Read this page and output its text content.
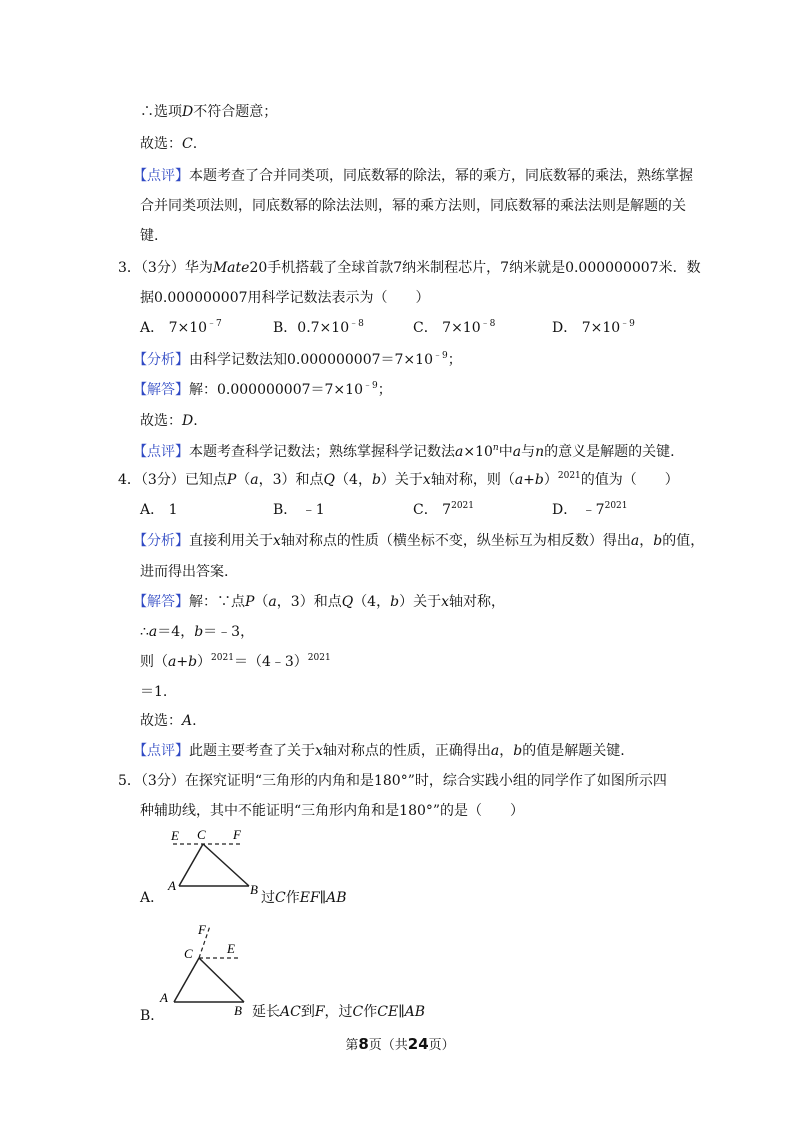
∴选项D不符合题意；
故选：C.
【点评】本题考查了合并同类项，同底数幂的除法，幂的乘方，同底数幂的乘法，熟练掌握
合并同类项法则，同底数幂的除法法则，幂的乘方法则，同底数幂的乘法法则是解题的关
键.
3．（3分）华为Mate20手机搭载了全球首款7纳米制程芯片，7纳米就是0.000000007米．数
据0.000000007用科学记数法表示为（　　）
A． $7\times 10^{﹣7}$	B．$0.7\times 10^{﹣8}$	C． $7\times 10^{﹣8}$	D． $7\times 10^{﹣9}$
【分析】由科学记数法知$0.000000007=7\times 10^{﹣9}$；
【解答】解：$0.000000007=7\times 10^{﹣9}$；
故选：D.
【点评】本题考查科学记数法；熟练掌握科学记数法$a\times 10^n$中a与n的意义是解题的关键.
4．（3分）已知点P（a，3）和点Q（4，b）关于x轴对称，则$(a+b)^{2021}$的值为（　　）
A． 1	B． ﹣1	C． $7^{2021}$	D． $﹣7^{2021}$
【分析】直接利用关于x轴对称点的性质（横坐标不变，纵坐标互为相反数）得出a，b的值，
进而得出答案.
【解答】解：∵点P（a，3）和点Q（4，b）关于x轴对称，
∴a＝4，b＝﹣3，
则$(a+b)^{2021}=(4﹣3)^{2021}$
＝1.
故选：A.
【点评】此题主要考查了关于x轴对称点的性质，正确得出a，b的值是解题关键.
5．（3分）在探究证明“三角形的内角和是180°”时，综合实践小组的同学作了如图所示四
种辅助线，其中不能证明“三角形内角和是180°”的是（　　）
E C F
A	B
A．	过C作EF∥AB
F
C	E
A
B
B．	延长AC到F，过C作CE∥AB
第8页（共24页）
